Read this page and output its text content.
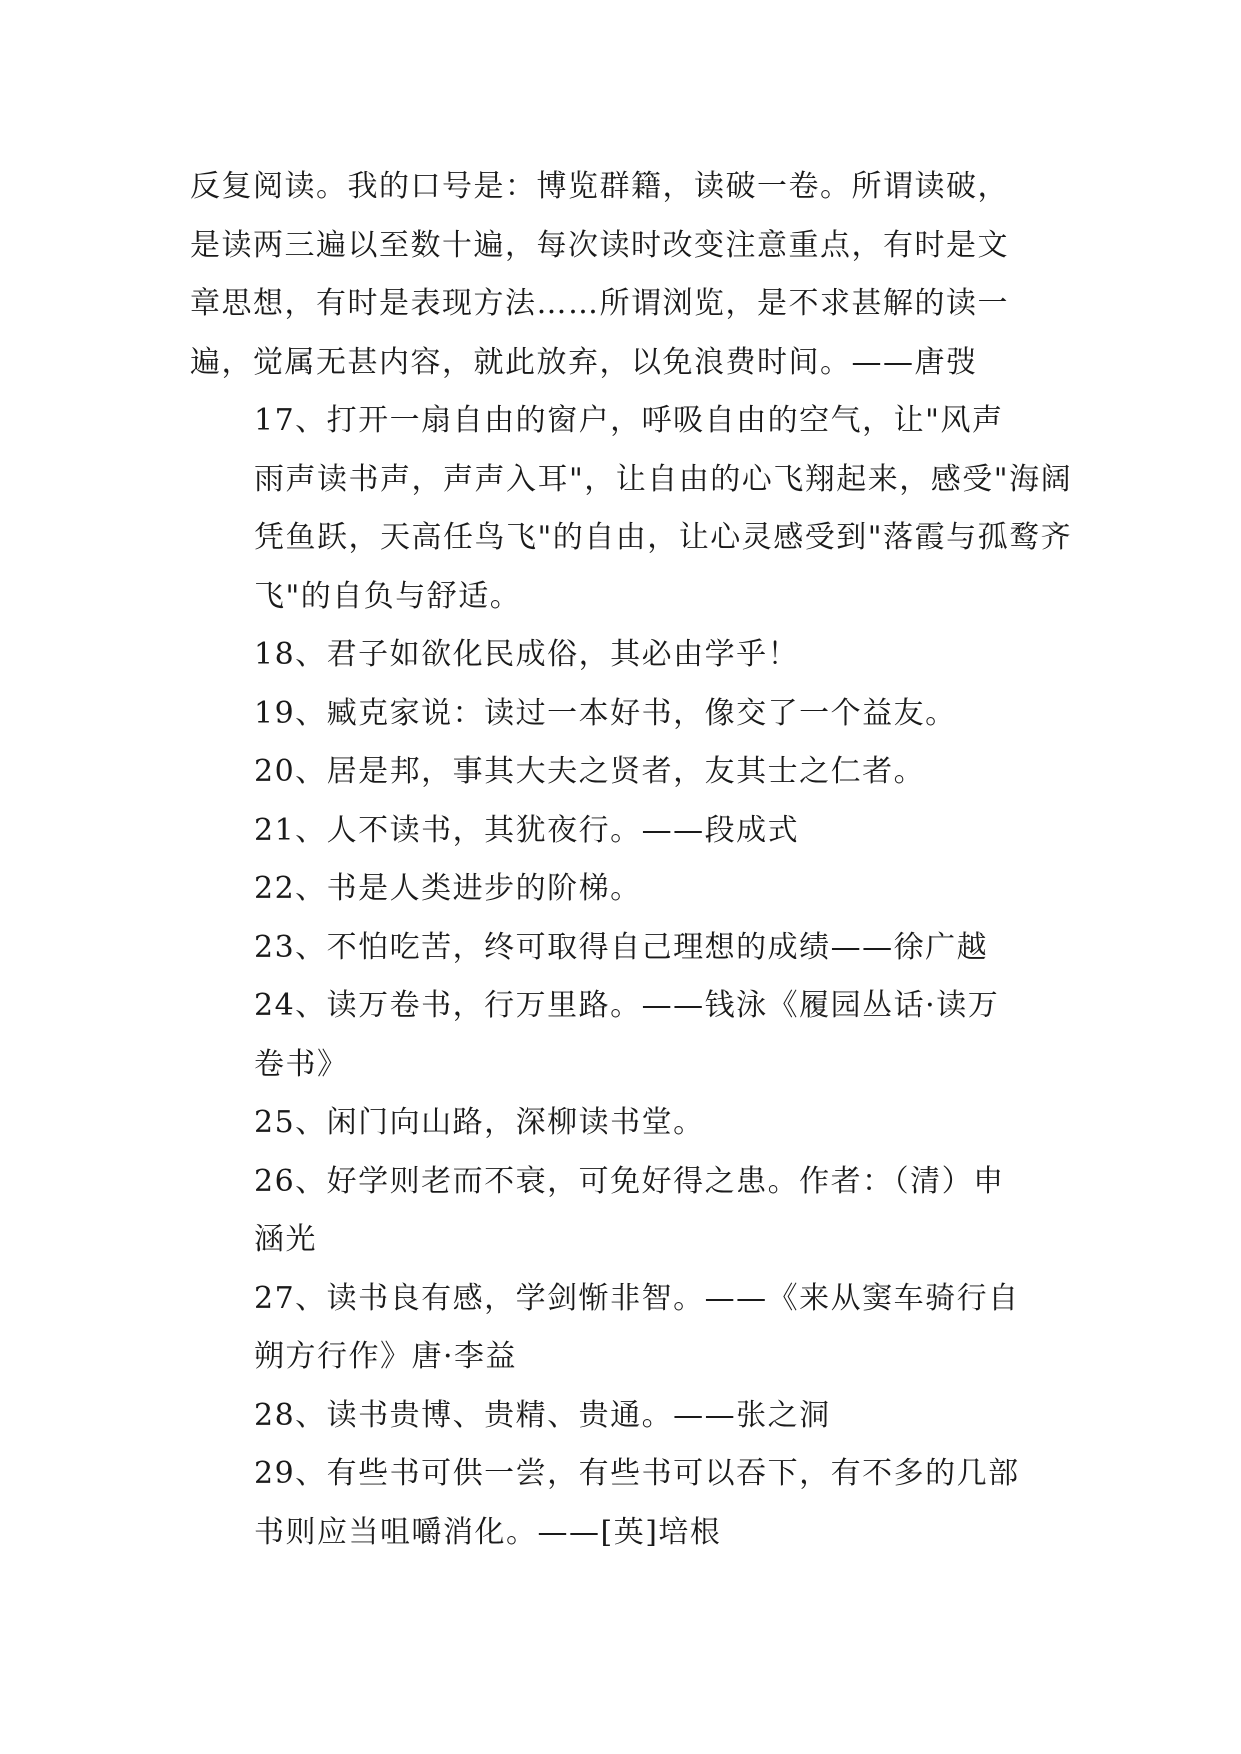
反复阅读。我的口号是：博览群籍，读破一卷。所谓读破，
是读两三遍以至数十遍，每次读时改变注意重点，有时是文
章思想，有时是表现方法……所谓浏览，是不求甚解的读一
遍，觉属无甚内容，就此放弃，以免浪费时间。——唐弢

17、打开一扇自由的窗户，呼吸自由的空气，让"风声
雨声读书声，声声入耳"，让自由的心飞翔起来，感受"海阔
凭鱼跃，天高任鸟飞"的自由，让心灵感受到"落霞与孤鹜齐
飞"的自负与舒适。

18、君子如欲化民成俗，其必由学乎！

19、臧克家说：读过一本好书，像交了一个益友。

20、居是邦，事其大夫之贤者，友其士之仁者。

21、人不读书，其犹夜行。——段成式

22、书是人类进步的阶梯。

23、不怕吃苦，终可取得自己理想的成绩——徐广越

24、读万卷书，行万里路。——钱泳《履园丛话·读万
卷书》

25、闲门向山路，深柳读书堂。

26、好学则老而不衰，可免好得之患。作者：（清）申
涵光

27、读书良有感，学剑惭非智。——《来从窦车骑行自
朔方行作》唐·李益

28、读书贵博、贵精、贵通。——张之洞

29、有些书可供一尝，有些书可以吞下，有不多的几部
书则应当咀嚼消化。——[英]培根
